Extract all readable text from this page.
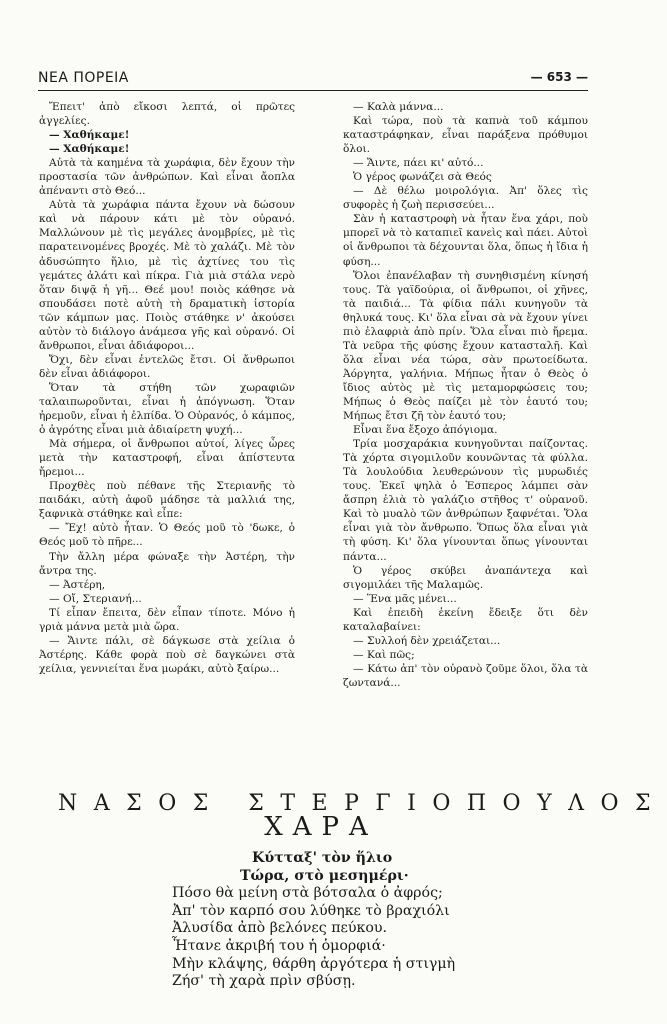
ΝΕΑ ΠΟΡΕΙΑ	— 653 —

Ἔπειτ' ἀπὸ εἴκοσι λεπτά, οἱ πρῶτες ἀγγελίες.

— Χαθήκαμε!

— Χαθήκαμε!

Αὐτὰ τὰ καημένα τὰ χωράφια, δὲν ἔχουν τὴν προστασία τῶν ἀνθρώπων. Καὶ εἶναι ἄοπλα ἀπέναντι στὸ Θεό...

Αὐτὰ τὰ χωράφια πάντα ἔχουν νὰ δώσουν καὶ νὰ πάρουν κάτι μὲ τὸν οὐρανό. Μαλλώνουν μὲ τὶς μεγάλες ἀνομβρίες, μὲ τὶς παρατεινομένες βροχές. Μὲ τὸ χαλάζι. Μὲ τὸν ἀδυσώπητο ἥλιο, μὲ τὶς ἀχτίνες του τὶς γεμάτες ἁλάτι καὶ πίκρα. Γιὰ μιὰ στάλα νερὸ ὅταν διψᾷ ἡ γῆ... Θεέ μου! ποιὸς κάθησε νὰ σπουδάσει ποτὲ αὐτὴ τὴ δραματικὴ ἱστορία τῶν κάμπων μας. Ποιὸς στάθηκε ν' ἀκούσει αὐτὸν τὸ διάλογο ἀνάμεσα γῆς καὶ οὐρανό. Οἱ ἄνθρωποι, εἶναι ἀδιάφοροι...

Ὄχι, δὲν εἶναι ἐντελῶς ἔτσι. Οἱ ἄνθρωποι δὲν εἶναι ἀδιάφοροι.

Ὅταν τὰ στήθη τῶν χωραφιῶν ταλαιπωροῦνται, εἶναι ἡ ἀπόγνωση. Ὅταν ἠρεμοῦν, εἶναι ἡ ἐλπίδα. Ὁ Οὐρανός, ὁ κάμπος, ὁ ἀγρότης εἶναι μιὰ ἀδιαίρετη ψυχή...

Μὰ σήμερα, οἱ ἄνθρωποι αὐτοί, λίγες ὧρες μετὰ τὴν καταστροφή, εἶναι ἀπίστευτα ἤρεμοι...

Προχθὲς ποὺ πέθανε τῆς Στεριανῆς τὸ παιδάκι, αὐτὴ ἀφοῦ μάδησε τὰ μαλλιά της, ξαφνικὰ στάθηκε καὶ εἶπε:

— Ἔχ! αὐτὸ ἦταν. Ὁ Θεός μοῦ τὸ 'δωκε, ὁ Θεός μοῦ τὸ πῆρε...

Τὴν ἄλλη μέρα φώναξε τὴν Ἀστέρη, τὴν ἄντρα της.

— Ἀστέρη,

— Οἴ, Στεριανή...

Τί εἶπαν ἔπειτα, δὲν εἶπαν τίποτε. Μόνο ἡ γριὰ μάννα μετὰ μιὰ ὥρα.

— Ἄιντε πάλι, σὲ δάγκωσε στὰ χείλια ὁ Ἀστέρης. Κάθε φορὰ ποὺ σὲ δαγκώνει στὰ χείλια, γεννιείται ἕνα μωράκι, αὐτὸ ξαίρω...

— Καλὰ μάννα...

Καὶ τώρα, ποὺ τὰ καπνὰ τοῦ κάμπου καταστράφηκαν, εἶναι παράξενα πρόθυμοι ὅλοι.

— Ἄιντε, πάει κι' αὐτό...

Ὁ γέρος φωνάζει σὰ Θεός

— Δὲ θέλω μοιρολόγια. Ἀπ' ὅλες τὶς συφορὲς ἡ ζωὴ περισσεύει...

Σὰν ἡ καταστροφὴ νὰ ἦταν ἕνα χάρι, ποὺ μπορεῖ νὰ τὸ καταπιεῖ κανεὶς καὶ πάει. Αὐτοὶ οἱ ἄνθρωποι τὰ δέχουνται ὅλα, ὅπως ἡ ἴδια ἡ φύση...

Ὅλοι ἐπανέλαβαν τὴ συνηθισμένη κίνησή τους. Τὰ γαϊδούρια, οἱ ἄνθρωποι, οἱ χῆνες, τὰ παιδιά... Τὰ φίδια πάλι κυνηγοῦν τὰ θηλυκά τους. Κι' ὅλα εἶναι σὰ νὰ ἔχουν γίνει πιὸ ἐλαφριὰ ἀπὸ πρίν. Ὅλα εἶναι πιὸ ἤρεμα. Τὰ νεῦρα τῆς φύσης ἔχουν κατασταλῆ. Καὶ ὅλα εἶναι νέα τώρα, σὰν πρωτοείδωτα. Ἀόργητα, γαλήνια. Μήπως ἦταν ὁ Θεὸς ὁ ἴδιος αὐτὸς μὲ τὶς μεταμορφώσεις του; Μήπως ὁ Θεὸς παίζει μὲ τὸν ἑαυτό του; Μήπως ἔτσι ζῆ τὸν ἑαυτό του;

Εἶναι ἕνα ἔξοχο ἀπόγιομα.

Τρία μοσχαράκια κυνηγοῦνται παίζοντας. Τὰ χόρτα σιγομιλοῦν κουνῶντας τὰ φύλλα. Τὰ λουλούδια λευθερώνουν τὶς μυρωδιές τους. Ἐκεῖ ψηλὰ ὁ Ἑσπερος λάμπει σὰν ἄσπρη ἐλιὰ τὸ γαλάζιο στῆθος τ' οὐρανοῦ. Καὶ τὸ μυαλὸ τῶν ἀνθρώπων ξαφνέται. Ὅλα εἶναι γιὰ τὸν ἄνθρωπο. Ὅπως ὅλα εἶναι γιὰ τὴ φύση. Κι' ὅλα γίνουνται ὅπως γίνουνται πάντα...

Ὁ γέρος σκύβει ἀναπάντεχα καὶ σιγομιλάει τῆς Μαλαμῶς.

— Ἕνα μᾶς μένει...

Καὶ ἐπειδὴ ἐκείνη ἔδειξε ὅτι δὲν καταλαβαίνει:

— Συλλοή δὲν χρειάζεται...

— Καὶ πῶς;

— Κάτω ἀπ' τὸν οὐρανὸ ζοῦμε ὅλοι, ὅλα τὰ ζωντανά...

ΝΑΣΟΣ ΣΤΕΡΓΙΟΠΟΥΛΟΣ
ΧΑΡΑ
Κύτταξ' τὸν ἥλιο
Τώρα, στὸ μεσημέρι·
Πόσο θὰ μείνη στὰ βότσαλα ὁ ἀφρός;
Ἀπ' τὸν καρπό σου λύθηκε τὸ βραχιόλι
Ἀλυσίδα ἀπὸ βελόνες πεύκου.
Ἦτανε ἀκριβή του ἡ ὁμορφιά·
Μὴν κλάψης, θάρθη ἀργότερα ἡ στιγμὴ
Ζήσ' τὴ χαρὰ πρὶν σβύσῃ.
